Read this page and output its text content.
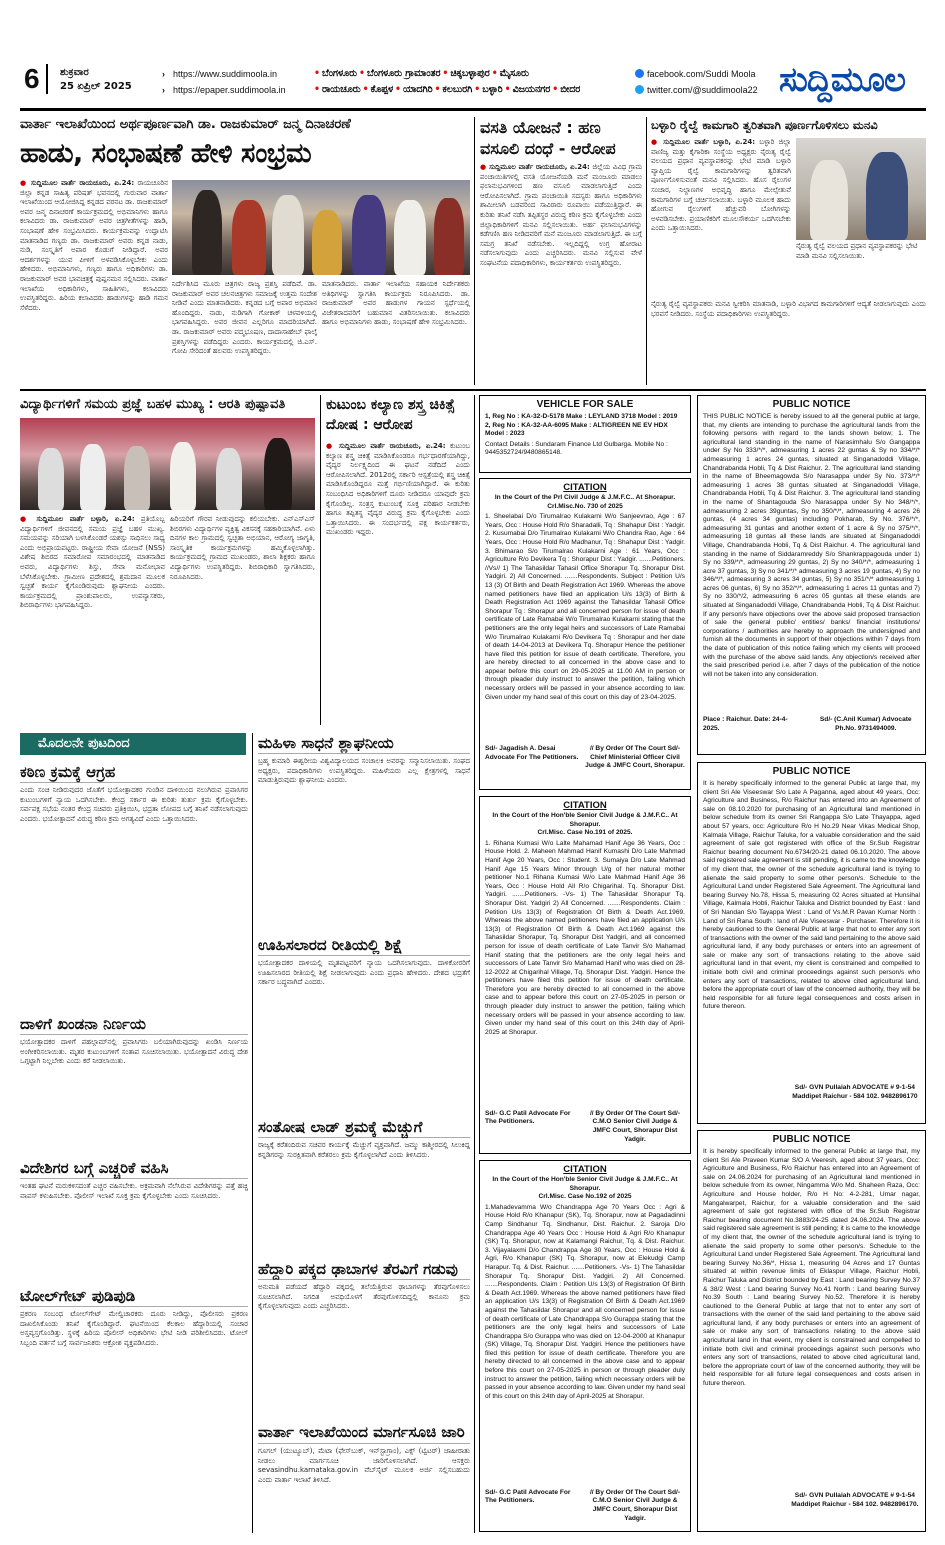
6	ಶುಕ್ರವಾರ
25 ಏಪ್ರಿಲ್ 2025
› https://www.suddimoola.in
› https://epaper.suddimoola.in
• ಬೆಂಗಳೂರು • ಬೆಂಗಳೂರು ಗ್ರಾಮಾಂತರ • ಚಿಕ್ಕಬಳ್ಳಾಪುರ • ಮೈಸೂರು
• ರಾಯಚೂರು • ಕೊಪ್ಪಳ • ಯಾದಗಿರಿ • ಕಲಬುರಗಿ • ಬಳ್ಳಾರಿ • ವಿಜಯನಗರ • ಬೀದರ
facebook.com/Suddi Moola
twitter.com/@suddimoola22 ಸುದ್ದಿಮೂಲ
ವಾರ್ತಾ ಇಲಾಖೆಯಿಂದ ಅರ್ಥಪೂರ್ಣವಾಗಿ ಡಾ. ರಾಜಕುಮಾರ್ ಜನ್ಮ ದಿನಾಚರಣೆ
ಹಾಡು, ಸಂಭಾಷಣೆ ಹೇಳಿ ಸಂಭ್ರಮ
● ಸುದ್ದಿಮೂಲ ವಾರ್ತೆ ರಾಯಚೂರು, ಏ.24: ರಾಯಚೂರಿನ ಜಿಲ್ಲಾ ಕನ್ನಡ ಸಾಹಿತ್ಯ ಪರಿಷತ್ ಭವನದಲ್ಲಿ ಗುರುವಾರ ವಾರ್ತಾ ಇಲಾಖೆಯಿಂದ ಆಯೋಜಿಸಿದ್ದ ಕನ್ನಡದ ವರನಟ ಡಾ. ರಾಜಕುಮಾರ್ ಅವರ ಜನ್ಮ ದಿನಾಚರಣೆ ಕಾರ್ಯಕ್ರಮದಲ್ಲಿ ಅಭಿಮಾನಿಗಳು ಹಾಗೂ ಕಲಾವಿದರು ಡಾ. ರಾಜಕುಮಾರ್ ಅವರ ಚಿತ್ರಗೀತೆಗಳನ್ನು ಹಾಡಿ, ಸಂಭಾಷಣೆ ಹೇಳಿ ಸಂಭ್ರಮಿಸಿದರು. ಕಾರ್ಯಕ್ರಮವನ್ನು ಉದ್ಘಾಟಿಸಿ ಮಾತನಾಡಿದ ಗಣ್ಯರು ಡಾ. ರಾಜಕುಮಾರ್ ಅವರು ಕನ್ನಡ ನಾಡು, ನುಡಿ, ಸಂಸ್ಕೃತಿಗೆ ಅಪಾರ ಕೊಡುಗೆ ನೀಡಿದ್ದಾರೆ. ಅವರ ಆದರ್ಶಗಳನ್ನು ಯುವ ಪೀಳಿಗೆ ಅಳವಡಿಸಿಕೊಳ್ಳಬೇಕು ಎಂದು ಹೇಳಿದರು. ಅಭಿಮಾನಿಗಳು, ಗಣ್ಯರು ಹಾಗೂ ಅಧಿಕಾರಿಗಳು ಡಾ. ರಾಜಕುಮಾರ್ ಅವರ ಭಾವಚಿತ್ರಕ್ಕೆ ಪುಷ್ಪನಮನ ಸಲ್ಲಿಸಿದರು. ವಾರ್ತಾ ಇಲಾಖೆಯ ಅಧಿಕಾರಿಗಳು, ಸಾಹಿತಿಗಳು, ಕಲಾವಿದರು ಉಪಸ್ಥಿತರಿದ್ದರು. ಹಿರಿಯ ಕಲಾವಿದರು ಹಾಡುಗಳನ್ನು ಹಾಡಿ ಗಮನ ಸೆಳೆದರು.
ನಿರ್ದೇಶಿಸಿದ ಮೂರು ಚಿತ್ರಗಳು ರಾಜ್ಯ ಪ್ರಶಸ್ತಿ ಪಡೆದಿವೆ. ಡಾ. ರಾಜಕುಮಾರ್ ಅವರ ಚಲನಚಿತ್ರಗಳು ಸಮಾಜಕ್ಕೆ ಉತ್ತಮ ಸಂದೇಶ ನೀಡಿವೆ ಎಂದು ಮಾತನಾಡಿದರು. ಕನ್ನಡದ ಬಗ್ಗೆ ಅಪಾರ ಅಭಿಮಾನ ಹೊಂದಿದ್ದರು. ನಾಡು, ನುಡಿಗಾಗಿ ಗೋಕಾಕ್ ಚಳವಳಿಯಲ್ಲಿ ಭಾಗವಹಿಸಿದ್ದರು. ಅವರ ಜೀವನ ಎಲ್ಲರಿಗೂ ಮಾದರಿಯಾಗಿದೆ. ಡಾ. ರಾಜಕುಮಾರ್ ಅವರು ಪದ್ಮಭೂಷಣ, ದಾದಾಸಾಹೇಬ್ ಫಾಲ್ಕೆ ಪ್ರಶಸ್ತಿಗಳನ್ನು ಪಡೆದಿದ್ದರು ಎಂದರು. ಕಾರ್ಯಕ್ರಮದಲ್ಲಿ ಜಿ.ಎಸ್. ಗೋಪಿ ಸೇರಿದಂತೆ ಹಲವರು ಉಪಸ್ಥಿತರಿದ್ದರು.
ಮಾತನಾಡಿದರು. ವಾರ್ತಾ ಇಲಾಖೆಯ ಸಹಾಯಕ ನಿರ್ದೇಶಕರು ಅತಿಥಿಗಳನ್ನು ಸ್ವಾಗತಿಸಿ ಕಾರ್ಯಕ್ರಮ ನಿರೂಪಿಸಿದರು. ಡಾ. ರಾಜಕುಮಾರ್ ಅವರ ಹಾಡುಗಳ ಗಾಯನ ಸ್ಪರ್ಧೆಯಲ್ಲಿ ವಿಜೇತರಾದವರಿಗೆ ಬಹುಮಾನ ವಿತರಿಸಲಾಯಿತು. ಕಲಾವಿದರು ಹಾಗೂ ಅಭಿಮಾನಿಗಳು ಹಾಡು, ಸಂಭಾಷಣೆ ಹೇಳಿ ಸಂಭ್ರಮಿಸಿದರು.
ವಸತಿ ಯೋಜನೆ : ಹಣ ವಸೂಲಿ ದಂಧೆ - ಆರೋಪ
● ಸುದ್ದಿಮೂಲ ವಾರ್ತೆ ರಾಯಚೂರು, ಏ.24: ಜಿಲ್ಲೆಯ ವಿವಿಧ ಗ್ರಾಮ ಪಂಚಾಯಿತಿಗಳಲ್ಲಿ ವಸತಿ ಯೋಜನೆಯಡಿ ಮನೆ ಮಂಜೂರು ಮಾಡಲು ಫಲಾನುಭವಿಗಳಿಂದ ಹಣ ವಸೂಲಿ ಮಾಡಲಾಗುತ್ತಿದೆ ಎಂದು ಆರೋಪಿಸಲಾಗಿದೆ. ಗ್ರಾಮ ಪಂಚಾಯಿತಿ ಸದಸ್ಯರು ಹಾಗೂ ಅಧಿಕಾರಿಗಳು ಶಾಮೀಲಾಗಿ ಬಡವರಿಂದ ಸಾವಿರಾರು ರೂಪಾಯಿ ಪಡೆಯುತ್ತಿದ್ದಾರೆ. ಈ ಕುರಿತು ತನಿಖೆ ನಡೆಸಿ ತಪ್ಪಿತಸ್ಥರ ವಿರುದ್ಧ ಕಠಿಣ ಕ್ರಮ ಕೈಗೊಳ್ಳಬೇಕು ಎಂದು ಜಿಲ್ಲಾಧಿಕಾರಿಗಳಿಗೆ ಮನವಿ ಸಲ್ಲಿಸಲಾಯಿತು. ಅರ್ಹ ಫಲಾನುಭವಿಗಳನ್ನು ಕಡೆಗಣಿಸಿ ಹಣ ನೀಡಿದವರಿಗೆ ಮನೆ ಮಂಜೂರು ಮಾಡಲಾಗುತ್ತಿದೆ. ಈ ಬಗ್ಗೆ ಸಮಗ್ರ ತನಿಖೆ ನಡೆಸಬೇಕು. ಇಲ್ಲದಿದ್ದಲ್ಲಿ ಉಗ್ರ ಹೋರಾಟ ನಡೆಸಲಾಗುವುದು ಎಂದು ಎಚ್ಚರಿಸಿದರು. ಮನವಿ ಸಲ್ಲಿಸುವ ವೇಳೆ ಸಂಘಟನೆಯ ಪದಾಧಿಕಾರಿಗಳು, ಕಾರ್ಯಕರ್ತರು ಉಪಸ್ಥಿತರಿದ್ದರು.
ಬಳ್ಳಾರಿ ರೈಲ್ವೆ ಕಾಮಗಾರಿ ತ್ವರಿತವಾಗಿ ಪೂರ್ಣಗೊಳಿಸಲು ಮನವಿ
● ಸುದ್ದಿಮೂಲ ವಾರ್ತೆ ಬಳ್ಳಾರಿ, ಏ.24: ಬಳ್ಳಾರಿ ಜಿಲ್ಲಾ ವಾಣಿಜ್ಯ ಮತ್ತು ಕೈಗಾರಿಕಾ ಸಂಸ್ಥೆಯ ಅಧ್ಯಕ್ಷರು ನೈರುತ್ಯ ರೈಲ್ವೆ ವಲಯದ ಪ್ರಧಾನ ವ್ಯವಸ್ಥಾಪಕರನ್ನು ಭೇಟಿ ಮಾಡಿ ಬಳ್ಳಾರಿ ವ್ಯಾಪ್ತಿಯ ರೈಲ್ವೆ ಕಾಮಗಾರಿಗಳನ್ನು ತ್ವರಿತವಾಗಿ ಪೂರ್ಣಗೊಳಿಸುವಂತೆ ಮನವಿ ಸಲ್ಲಿಸಿದರು. ಹೊಸ ರೈಲುಗಳ ಸಂಚಾರ, ನಿಲ್ದಾಣಗಳ ಅಭಿವೃದ್ಧಿ ಹಾಗೂ ಮೇಲ್ಸೇತುವೆ ಕಾಮಗಾರಿಗಳ ಬಗ್ಗೆ ಚರ್ಚಿಸಲಾಯಿತು. ಬಳ್ಳಾರಿ ಮೂಲಕ ಹಾದು ಹೋಗುವ ರೈಲುಗಳಿಗೆ ಹೆಚ್ಚುವರಿ ಬೋಗಿಗಳನ್ನು ಅಳವಡಿಸಬೇಕು. ಪ್ರಯಾಣಿಕರಿಗೆ ಮೂಲಸೌಕರ್ಯ ಒದಗಿಸಬೇಕು ಎಂದು ಒತ್ತಾಯಿಸಿದರು.
ನೈರುತ್ಯ ರೈಲ್ವೆ ವಲಯದ ಪ್ರಧಾನ ವ್ಯವಸ್ಥಾಪಕರನ್ನು ಭೇಟಿ ಮಾಡಿ ಮನವಿ ಸಲ್ಲಿಸಲಾಯಿತು.
ನೈರುತ್ಯ ರೈಲ್ವೆ ವ್ಯವಸ್ಥಾಪಕರು ಮನವಿ ಸ್ವೀಕರಿಸಿ ಮಾತನಾಡಿ, ಬಳ್ಳಾರಿ ವಿಭಾಗದ ಕಾಮಗಾರಿಗಳಿಗೆ ಆದ್ಯತೆ ನೀಡಲಾಗುವುದು ಎಂದು ಭರವಸೆ ನೀಡಿದರು. ಸಂಸ್ಥೆಯ ಪದಾಧಿಕಾರಿಗಳು ಉಪಸ್ಥಿತರಿದ್ದರು.
ವಿದ್ಯಾರ್ಥಿಗಳಿಗೆ ಸಮಯ ಪ್ರಜ್ಞೆ ಬಹಳ ಮುಖ್ಯ : ಆರತಿ ಪುಷ್ಪಾವತಿ
● ಸುದ್ದಿಮೂಲ ವಾರ್ತೆ ಬಳ್ಳಾರಿ, ಏ.24: ಪ್ರತಿಯೊಬ್ಬ ವಿದ್ಯಾರ್ಥಿಗಳಿಗೆ ಜೀವನದಲ್ಲಿ ಸಮಯ ಪ್ರಜ್ಞೆ ಬಹಳ ಮುಖ್ಯ. ಸಮಯವನ್ನು ಸರಿಯಾಗಿ ಬಳಸಿಕೊಂಡರೆ ಯಶಸ್ಸು ಸಾಧಿಸಲು ಸಾಧ್ಯ ಎಂದು ಅಭಿಪ್ರಾಯಪಟ್ಟರು. ರಾಷ್ಟ್ರೀಯ ಸೇವಾ ಯೋಜನೆ (NSS) ವಿಶೇಷ ಶಿಬಿರದ ಸಮಾರೋಪ ಸಮಾರಂಭದಲ್ಲಿ ಮಾತನಾಡಿದ ಅವರು, ವಿದ್ಯಾರ್ಥಿಗಳು ಶಿಸ್ತು, ಸೇವಾ ಮನೋಭಾವ ಬೆಳೆಸಿಕೊಳ್ಳಬೇಕು. ಗ್ರಾಮೀಣ ಪ್ರದೇಶದಲ್ಲಿ ಶ್ರಮದಾನ ಮೂಲಕ ಸ್ವಚ್ಛತೆ ಕಾರ್ಯ ಕೈಗೊಂಡಿರುವುದು ಶ್ಲಾಘನೀಯ ಎಂದರು. ಕಾರ್ಯಕ್ರಮದಲ್ಲಿ ಪ್ರಾಂಶುಪಾಲರು, ಉಪನ್ಯಾಸಕರು, ಶಿಬಿರಾರ್ಥಿಗಳು ಭಾಗವಹಿಸಿದ್ದರು.
ಹಿರಿಯರಿಗೆ ಗೌರವ ನೀಡುವುದನ್ನು ಕಲಿಯಬೇಕು. ಎನ್ಎಸ್ಎಸ್ ಶಿಬಿರಗಳು ವಿದ್ಯಾರ್ಥಿಗಳ ವ್ಯಕ್ತಿತ್ವ ವಿಕಸನಕ್ಕೆ ಸಹಕಾರಿಯಾಗಿವೆ. ಏಳು ದಿನಗಳ ಕಾಲ ಗ್ರಾಮದಲ್ಲಿ ಸ್ವಚ್ಛತಾ ಅಭಿಯಾನ, ಆರೋಗ್ಯ ಜಾಗೃತಿ, ಸಾಂಸ್ಕೃತಿಕ ಕಾರ್ಯಕ್ರಮಗಳನ್ನು ಹಮ್ಮಿಕೊಳ್ಳಲಾಗಿತ್ತು. ಕಾರ್ಯಕ್ರಮದಲ್ಲಿ ಗ್ರಾಮದ ಮುಖಂಡರು, ಶಾಲಾ ಶಿಕ್ಷಕರು ಹಾಗೂ ವಿದ್ಯಾರ್ಥಿಗಳು ಉಪಸ್ಥಿತರಿದ್ದರು. ಶಿಬಿರಾಧಿಕಾರಿ ಸ್ವಾಗತಿಸಿದರು, ನಿರೂಪಿಸಿದರು.
ಕುಟುಂಬ ಕಲ್ಯಾಣ ಶಸ್ತ್ರ ಚಿಕಿತ್ಸೆ ದೋಷ : ಆರೋಪ
● ಸುದ್ದಿಮೂಲ ವಾರ್ತೆ ರಾಯಚೂರು, ಏ.24: ಕುಟುಂಬ ಕಲ್ಯಾಣ ಶಸ್ತ್ರ ಚಿಕಿತ್ಸೆ ಮಾಡಿಸಿಕೊಂಡರೂ ಗರ್ಭಧಾರಣೆಯಾಗಿದ್ದು, ವೈದ್ಯರ ನಿರ್ಲಕ್ಷ್ಯದಿಂದ ಈ ಘಟನೆ ನಡೆದಿದೆ ಎಂದು ಆರೋಪಿಸಲಾಗಿದೆ. 2012ರಲ್ಲಿ ಸರ್ಕಾರಿ ಆಸ್ಪತ್ರೆಯಲ್ಲಿ ಶಸ್ತ್ರ ಚಿಕಿತ್ಸೆ ಮಾಡಿಸಿಕೊಂಡಿದ್ದರೂ ಮತ್ತೆ ಗರ್ಭಿಣಿಯಾಗಿದ್ದಾರೆ. ಈ ಕುರಿತು ಸಂಬಂಧಿಸಿದ ಅಧಿಕಾರಿಗಳಿಗೆ ದೂರು ನೀಡಿದರೂ ಯಾವುದೇ ಕ್ರಮ ಕೈಗೊಂಡಿಲ್ಲ. ಸಂತ್ರಸ್ತ ಕುಟುಂಬಕ್ಕೆ ಸೂಕ್ತ ಪರಿಹಾರ ನೀಡಬೇಕು ಹಾಗೂ ತಪ್ಪಿತಸ್ಥ ವೈದ್ಯರ ವಿರುದ್ಧ ಕ್ರಮ ಕೈಗೊಳ್ಳಬೇಕು ಎಂದು ಒತ್ತಾಯಿಸಿದರು. ಈ ಸಂದರ್ಭದಲ್ಲಿ ಪಕ್ಷ ಕಾರ್ಯಕರ್ತರು, ಮುಖಂಡರು ಇದ್ದರು.
ಮೊದಲನೇ ಪುಟದಿಂದ
ಕಠಿಣ ಕ್ರಮಕ್ಕೆ ಆಗ್ರಹ
ಎಂದು ಸಂಚಿ ನೀಡಿರುವುದರ ಜೊತೆಗೆ ಭಯೋತ್ಪಾದಕರ ಗುಂಡಿನ ದಾಳಿಯಿಂದ ನಲುಗಿರುವ ಪ್ರವಾಸಿಗರ ಕುಟುಂಬಗಳಿಗೆ ನ್ಯಾಯ ಒದಗಿಸಬೇಕು. ಕೇಂದ್ರ ಸರ್ಕಾರ ಈ ಕುರಿತು ತುರ್ತು ಕ್ರಮ ಕೈಗೊಳ್ಳಬೇಕು. ಸರ್ವಪಕ್ಷ ಸಭೆಯ ನಂತರ ಕೇಂದ್ರ ಸಚಿವರು ಪ್ರತಿಕ್ರಿಯಿಸಿ, ಭದ್ರತಾ ಲೋಪದ ಬಗ್ಗೆ ತನಿಖೆ ನಡೆಸಲಾಗುವುದು ಎಂದರು. ಭಯೋತ್ಪಾದನೆ ವಿರುದ್ಧ ಕಠಿಣ ಕ್ರಮ ಅಗತ್ಯವಿದೆ ಎಂದು ಒತ್ತಾಯಿಸಿದರು.
ದಾಳಿಗೆ ಖಂಡನಾ ನಿರ್ಣಯ
ಭಯೋತ್ಪಾದಕರ ದಾಳಿಗೆ ಪಹಲ್ಗಾಮ್‌ನಲ್ಲಿ ಪ್ರವಾಸಿಗರು ಬಲಿಯಾಗಿರುವುದನ್ನು ಖಂಡಿಸಿ ನಿರ್ಣಯ ಅಂಗೀಕರಿಸಲಾಯಿತು. ಮೃತರ ಕುಟುಂಬಗಳಿಗೆ ಸಂತಾಪ ಸೂಚಿಸಲಾಯಿತು. ಭಯೋತ್ಪಾದನೆ ವಿರುದ್ಧ ದೇಶ ಒಗ್ಗಟ್ಟಾಗಿ ನಿಲ್ಲಬೇಕು ಎಂದು ಕರೆ ನೀಡಲಾಯಿತು.
ವಿದೇಶಿಗರ ಬಗ್ಗೆ ಎಚ್ಚರಿಕೆ ವಹಿಸಿ
ಇಂತಹ ಘಟನೆ ಮರುಕಳಿಸದಂತೆ ಎಚ್ಚರ ವಹಿಸಬೇಕು. ಅಕ್ರಮವಾಗಿ ನೆಲೆಸಿರುವ ವಿದೇಶಿಗರನ್ನು ಪತ್ತೆ ಹಚ್ಚಿ ವಾಪಸ್ ಕಳುಹಿಸಬೇಕು. ಪೊಲೀಸ್ ಇಲಾಖೆ ಸೂಕ್ತ ಕ್ರಮ ಕೈಗೊಳ್ಳಬೇಕು ಎಂದು ಸೂಚಿಸಿದರು.
ಟೋಲ್‌ಗೇಟ್ ಪುಡಿಪುಡಿ
ಪ್ರಕರಣ ಸಂಬಂಧ ಟೋಲ್‌ಗೇಟ್ ಮೇಲ್ವಿಚಾರಕರು ದೂರು ನೀಡಿದ್ದು, ಪೊಲೀಸರು ಪ್ರಕರಣ ದಾಖಲಿಸಿಕೊಂಡು ತನಿಖೆ ಕೈಗೊಂಡಿದ್ದಾರೆ. ಘಟನೆಯಿಂದ ಕೆಲಕಾಲ ಹೆದ್ದಾರಿಯಲ್ಲಿ ಸಂಚಾರ ಅಸ್ತವ್ಯಸ್ತಗೊಂಡಿತ್ತು. ಸ್ಥಳಕ್ಕೆ ಹಿರಿಯ ಪೊಲೀಸ್ ಅಧಿಕಾರಿಗಳು ಭೇಟಿ ನೀಡಿ ಪರಿಶೀಲಿಸಿದರು. ಟೋಲ್ ಸಿಬ್ಬಂದಿ ವರ್ತನೆ ಬಗ್ಗೆ ಸಾರ್ವಜನಿಕರು ಆಕ್ರೋಶ ವ್ಯಕ್ತಪಡಿಸಿದರು.
ಮಹಿಳಾ ಸಾಧನೆ ಶ್ಲಾಘನೀಯ
ಬ್ರಹ್ಮ ಕುಮಾರಿ ಈಶ್ವರೀಯ ವಿಶ್ವವಿದ್ಯಾಲಯದ ಸಂಚಾಲಕಿ ಅವರನ್ನು ಸನ್ಮಾನಿಸಲಾಯಿತು. ಸಂಘದ ಅಧ್ಯಕ್ಷರು, ಪದಾಧಿಕಾರಿಗಳು ಉಪಸ್ಥಿತರಿದ್ದರು. ಮಹಿಳೆಯರು ಎಲ್ಲ ಕ್ಷೇತ್ರಗಳಲ್ಲಿ ಸಾಧನೆ ಮಾಡುತ್ತಿರುವುದು ಶ್ಲಾಘನೀಯ ಎಂದರು.
ಊಹಿಸಲಾರದ ರೀತಿಯಲ್ಲಿ ಶಿಕ್ಷೆ
ಭಯೋತ್ಪಾದಕರ ದಾಳಿಯಲ್ಲಿ ಮೃತಪಟ್ಟವರಿಗೆ ನ್ಯಾಯ ಒದಗಿಸಲಾಗುವುದು. ದಾಳಿಕೋರರಿಗೆ ಊಹಿಸಲಾರದ ರೀತಿಯಲ್ಲಿ ಶಿಕ್ಷೆ ನೀಡಲಾಗುವುದು ಎಂದು ಪ್ರಧಾನಿ ಹೇಳಿದರು. ದೇಶದ ಭದ್ರತೆಗೆ ಸರ್ಕಾರ ಬದ್ಧವಾಗಿದೆ ಎಂದರು.
ಸಂತೋಷ ಲಾಡ್ ಶ್ರಮಕ್ಕೆ ಮೆಚ್ಚುಗೆ
ರಾಜ್ಯಕ್ಕೆ ಕರೆತಂದಿರುವ ಸಚಿವರ ಕಾರ್ಯಕ್ಕೆ ಮೆಚ್ಚುಗೆ ವ್ಯಕ್ತವಾಗಿದೆ. ಜಮ್ಮು ಕಾಶ್ಮೀರದಲ್ಲಿ ಸಿಲುಕಿದ್ದ ಕನ್ನಡಿಗರನ್ನು ಸುರಕ್ಷಿತವಾಗಿ ಕರೆತರಲು ಕ್ರಮ ಕೈಗೊಳ್ಳಲಾಗಿದೆ ಎಂದು ತಿಳಿಸಿದರು.
ಹೆದ್ದಾರಿ ಪಕ್ಕದ ಢಾಬಾಗಳ ತೆರವಿಗೆ ಗಡುವು
ಅನುಮತಿ ಪಡೆಯದೆ ಹೆದ್ದಾರಿ ಪಕ್ಕದಲ್ಲಿ ತಲೆಯೆತ್ತಿರುವ ಢಾಬಾಗಳನ್ನು ತೆರವುಗೊಳಿಸಲು ಸೂಚಿಸಲಾಗಿದೆ. ನಿಗದಿತ ಅವಧಿಯೊಳಗೆ ತೆರವುಗೊಳಿಸದಿದ್ದಲ್ಲಿ ಕಾನೂನು ಕ್ರಮ ಕೈಗೊಳ್ಳಲಾಗುವುದು ಎಂದು ಎಚ್ಚರಿಸಿದರು.
ವಾರ್ತಾ ಇಲಾಖೆಯಿಂದ ಮಾರ್ಗಸೂಚಿ ಜಾರಿ
ಗೂಗಲ್ (ಯುಟ್ಯೂಬ್), ಮೆಟಾ (ಫೇಸ್‌ಬುಕ್, ಇನ್‌ಸ್ಟಾಗ್ರಾಂ), ಎಕ್ಸ್ (ಟ್ವಿಟರ್) ಜಾಹೀರಾತು ನೀಡಲು ಮಾರ್ಗಸೂಚಿ ಜಾರಿಗೊಳಿಸಲಾಗಿದೆ. ಆಸಕ್ತರು sevasindhu.karnataka.gov.in ವೆಬ್‌ಸೈಟ್ ಮೂಲಕ ಅರ್ಜಿ ಸಲ್ಲಿಸಬಹುದು ಎಂದು ವಾರ್ತಾ ಇಲಾಖೆ ತಿಳಿಸಿದೆ.
VEHICLE FOR SALE
1, Reg No : KA-32-D-5178 Make : LEYLAND 3718 Model : 2019
2, Reg No : KA-32-AA-6095 Make : ALTIGREEN NE EV HDX Model : 2023
Contact Details : Sundaram Finance Ltd Gulbarga. Mobile No : 9445352724/9480865148.
CITATION
In the Court of the Prl Civil Judge & J.M.F.C.. At Shorapur.
Crl.Misc.No. 730 of 2025
1. Sheelabai D/o Tirumalrao Kulakarni W/o Sanjeevrao, Age : 67 Years, Occ : House Hold R/o Sharadalli, Tq : Shahapur Dist : Yadgir. 2. Kusumabai D/o Tirumalrao Kulakarni W/o Chandra Rao, Age : 64 Years, Occ : House Hold R/o Madhanur, Tq : Shahapur Dist : Yadgir. 3. Bhimarao S/o Tirumalrao Kulakarni Age : 61 Years, Occ : Agriculture R/o Devikera Tq : Shorapur Dist : Yadgir. .......Petitioners. //Vs// 1) The Tahasildar Tahasil Office Shorapur Tq. Shorapur Dist. Yadgiri. 2) All Concerned. .......Respondents. Subject : Petition U/s 13 (3) Of Birth and Death Registration Act 1969. Whereas the above named petitioners have filed an application U/s 13(3) of Birth & Death Registration Act 1969 against the Tahasildar Tahasil Office Shorapur Tq : Shorapur and all concerned person for issue of death certificate of Late Ramabai W/o Tirumalrao Kulakarni stating that the petitioners are the only legal heirs and successors of Late Ramabai W/o Tirumalrao Kulakarni R/o Devikera Tq : Shorapur and her date of death 14-04-2013 at Devikera Tq. Shorapur Hence the petitioner have filed this petition for issue of death certificate. Therefore, you are hereby directed to all concerned in the above case and to appear before this court on 29-05-2025 at 11.00 AM in person or through pleader duly instruct to answer the petition, failing which necessary orders will be passed in your absence according to law. Given under my hand seal of this court on this day of 23-04-2025.
Sd/- Jagadish A. Desai Advocate For The Petitioners.
// By Order Of The Court Sd/- Chief Ministerial Officer Civil Judge & JMFC Court, Shorapur.
CITATION
In the Court of the Hon'ble Senior Civil Judge & J.M.F.C.. At Shorapur.
Crl.Misc. Case No.191 of 2025.
1. Rihana Kumasi W/o Lalte Mahamad Hanif Age 36 Years, Occ : House Hold. 2. Maheen Mahmad Hanif Kumashi D/o Late Mahmad Hanif Age 20 Years, Occ : Student. 3. Sumaiya D/o Late Mahmad Hanif Age 15 Years Minor through U/g of her natural mother petitioner No.1 Rihana Kumasi W/o Late Mahmad Hanif Age 36 Years, Occ : House Hold All R/o Chigarihal. Tq. Shorapur Dist. Yadgiri. .......Petitioners. -Vs- 1) The Tahasildar Shorapur Tq. Shorapur Dist. Yadgiri 2) All Concerned. .......Respondents. Claim : Petition U/s 13(3) of Registration Of Birth & Death Act.1969. Whereas the above named petitioners have filed an application U/s 13(3) of Registration Of Birth & Death Act.1969 against the Tahasildar Shorapur, Tq. Shorapur Dist Yadgiri, and all concerned person for issue of death certificate of Late Tanvir S/o Mahamad Hanif stating that the petitioners are the only legal heirs and successors of Late Tanvir S/o Mahamad Hanif who was died on 28-12-2022 at Chigarihal Village, Tq. Shorapur Dist. Yadgiri. Hence the petitioners have filed this petition for issue of death certificate. Therefore you are hereby directed to all concerned in the above case and to appear before this court on 27-05-2025 in person or through pleader duly instruct to answer the petition, failing which necessary orders will be passed in your absence according to law. Given under my hand seal of this court on this 24th day of April-2025 at Shorapur.
Sd/- G.C Patil Advocate For The Petitioners.
// By Order Of The Court Sd/- C.M.O Senior Civil Judge & JMFC Court, Shorapur Dist Yadgir.
CITATION
In the Court of the Hon'ble Senior Civil Judge & J.M.F.C.. At Shorapur.
Crl.Misc. Case No.192 of 2025
1.Mahadevamma W/o Chandrappa Age 70 Years Occ : Agri & House Hold R/o Khanapur (SK), Tq. Shorapur, now at Pagadadinni Camp Sindhanur Tq. Sindhanur, Dist. Raichur. 2. Saroja D/o Chandrappa Age 40 Years Occ : House Hold & Agri R/o Khanapur (SK) Tq. Shorapur, now at Kalamangi Raichur, Tq. & Dist. Raichur. 3. Vijayalaxmi D/o Chandrappa Age 30 Years, Occ : House Hold & Agri, R/o Khanapur (SK) Tq. Shorapur, now at Elekudgi Camp Harapur. Tq. & Dist. Raichur. .......Petitioners. -Vs- 1) The Tahasildar Shorapur Tq. Shorapur Dist. Yadgiri. 2) All Concerned. .......Respondents. Claim : Petition U/s 13(3) of Registration Of Birth & Death Act.1969. Whereas the above named petitioners have filed an application U/s 13(3) of Registration Of Birth & Death Act.1969 against the Tahasildar Shorapur and all concerned person for issue of death certificate of Late Chandrappa S/o Gurappa stating that the petitioners are the only legal heirs and successors of Late Chandrappa S/o Gurappa who was died on 12-04-2000 at Khanapur (SK) Village, Tq. Shorapur Dist. Yadgiri. Hence the petitioners have filed this petition for issue of death certificate. Therefore you are hereby directed to all concerned in the above case and to appear before this court on 27-05-2025 in person or through pleader duly instruct to answer the petition, failing which necessary orders will be passed in your absence according to law. Given under my hand seal of this court on this 24th day of April-2025 at Shorapur.
Sd/- G.C Patil Advocate For The Petitioners.
// By Order Of The Court Sd/- C.M.O Senior Civil Judge & JMFC Court, Shorapur Dist Yadgir.
PUBLIC NOTICE
THIS PUBLIC NOTICE is hereby issued to all the general public at large, that, my clients are intending to purchase the agricultural lands from the following persons with regard to the lands shown below; 1. The agricultural land standing in the name of Narasimhalu S/o Gangappa under Sy No 333/*/*, admeasuring 1 acres 22 guntas & Sy no 334/*/* admeasuring 1 acres 24 guntas, situated at Singanadoddi Village, Chandrabanda Hobli, Tq & Dist Raichur. 2. The agricultural land standing in the name of Bheemagowda S/o Narasappa under Sy No. 373/*/* admeasuring 1 acres 38 guntas situated at Singanadoddi Village, Chandrabanda Hobli, Tq & Dist Raichur. 3. The agricultural land standing in the name of Shantagouda S/o Narasappa under Sy No 348/*/*, admeasuring 2 acres 39guntas, Sy no 350/*/*, admeasuring 4 acres 26 guntas, (4 acres 34 guntas) including Pokharab, Sy No. 376/*/*, admeasuring 31 guntas and another extent of 1 acre & Sy no 375/*/*, admeasuring 18 guntas all these lands are situated at Singanadoddi Village, Chandrabanda Hobli, Tq & Dist Raichur. 4. The agricultural land standing in the name of Siddaramreddy S/o Shankrappagouda under 1) Sy no 339/*/*, admeasuring 29 guntas, 2) Sy no 340/*/*, admeasuring 1 acre 37 guntas, 3) Sy no 341/*/* admeasuring 3 acres 19 guntas, 4) Sy no 346/*/*, admeasuring 3 acres 34 guntas, 5) Sy no 351/*/* admeasuring 1 acres 06 guntas, 6) Sy no 352/*/*, admeasuring 1 acres 11 guntas and 7) Sy no 330/*/2, admeasuring 6 acres 05 guntas all these elands are situated at Singanadoddi Village, Chandrabanda Hobli, Tq & Dist Raichur. If any person/s have objections over the above said proposed transaction of sale the general public/ entities/ banks/ financial institutions/ corporations / authorities are hereby to approach the undersigned and furnish all the documents in support of their objections within 7 days from the date of publication of this notice failing which my clients will proceed with the purchase of the above said lands. Any objection/s received after the said prescribed period i.e. after 7 days of the publication of the notice will not be taken into any consideration.
Place : Raichur. Date: 24-4-2025.
Sd/- (C.Anil Kumar) Advocate Ph.No. 9731494009.
PUBLIC NOTICE
It is hereby specifically informed to the general Public at large that, my client Sri Ale Viseeswar S/o Late A Paganna, aged about 49 years, Occ: Agriculture and Business, R/o Raichur has entered into an Agreement of sale on 08.10.2020 for purchasing of an Agricultural land mentioned in below schedule from its owner Sri Rangappa S/o Late Thayappa, aged about 57 years, occ: Agriculture R/o H No.29 Near Vikas Medical Shop, Kalmala Village, Raichur Taluka, for a valuable consideration and the said agreement of sale got registered with office of the Sr.Sub Registrar Raichur bearing document No.6734/20-21 dated 06.10.2020. The above said registered sale agreement is still pending, it is came to the knowledge of my client that, the owner of the schedule agricultural land is trying to alienate the said property to some other person/s. Schedule to the Agricultural Land under Registered Sale Agreement. The Agricultural land bearing Survey No.78, Hissa 5, measuring 02 Acres situated at Hunsihal Village, Kalmala Hobli, Raichur Taluka and District bounded by East : land of Sri Nandan S/o Tayappa West : Land of Vs.M.R Pavan Kumar North : Land of Sri Rana South : land of Ale Viseeswar - Purchaser. Therefore it is hereby cautioned to the General Public at large that not to enter any sort of transactions with the owner of the said land pertaining to the above said agricultural land, if any body purchases or enters into an agreement of sale or make any sort of transactions relating to the above said agricultural land in that event, my client is constrained and compelled to initiate both civil and criminal proceedings against such person/s who enters any sort of transactions, related to above cited agricultural land, before the appropriate court of law of the concerned authority, they will be held responsible for all future legal consequences and costs arisen in future thereon.
Sd/- GVN Pullaiah ADVOCATE # 9-1-54 Maddipet Raichur - 584 102. 9482896170
PUBLIC NOTICE
It is hereby specifically informed to the general Public at large that, my client Sri Ale Praveen Kumar S/O A Veeresh, aged about 37 years, Occ: Agriculture and Business, R/o Raichur has entered into an Agreement of sale on 24.06.2024 for purchasing of an Agricultural land mentioned in below schedule from its owner, Ningamma W/o Md. Shaheen Raza, Occ: Agriculture and House holder, R/o H No: 4-2-281, Umar nagar, Mangalwarpet, Raichur, for a valuable consideration and the said agreement of sale got registered with office of the Sr.Sub Registrar Raichur bearing document No.3883/24-25 dated 24.06.2024. The above said registered sale agreement is still pending; it is came to the knowledge of my client that, the owner of the schedule agricultural land is trying to alienate the said property to some other person/s. Schedule to the Agricultural Land under Registered Sale Agreement. The Agricultural land bearing Survey No.36/*, Hissa 1, measuring 04 Acres and 17 Guntas situated at within revenue limits of Eklaspur Village, Raichur Hobli, Raichur Taluka and District bounded by East : Land bearing Survey No.37 & 38/2 West : Land bearing Survey No.41 North : Land bearing Survey No.39 South : Land bearing Survey No.52. Therefore it is hereby cautioned to the General Public at large that not to enter any sort of transactions with the owner of the said land pertaining to the above said agricultural land, if any body purchases or enters into an agreement of sale or make any sort of transactions relating to the above said agricultural land in that event, my client is constrained and compelled to initiate both civil and criminal proceedings against such person/s who enters any sort of transactions, related to above cited agricultural land, before the appropriate court of law of the concerned authority, they will be held responsible for all future legal consequences and costs arisen in future thereon.
Sd/- GVN Pullaiah ADVOCATE # 9-1-54 Maddipet Raichur - 584 102. 9482896170.
